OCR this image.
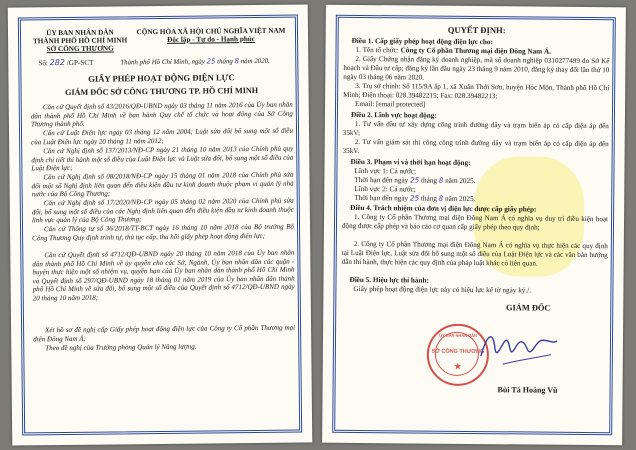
ỦY BAN NHÂN DÂN
THÀNH PHỐ HỒ CHÍ MINH
SỞ CÔNG THƯƠNG
Số: 282 /GP-SCT
CỘNG HÒA XÃ HỘI CHỦ NGHĨA VIỆT NAM
Độc lập - Tự do - Hạnh phúc
Thành phố Hồ Chí Minh, ngày 25 tháng 8 năm 2020.
GIẤY PHÉP HOẠT ĐỘNG ĐIỆN LỰC
GIÁM ĐỐC SỞ CÔNG THƯƠNG TP. HỒ CHÍ MINH
Căn cứ Quyết định số 43/2016/QĐ-UBND ngày 03 tháng 11 năm 2016 của Ủy ban nhân dân thành phố Hồ Chí Minh về ban hành Quy chế tổ chức và hoạt động của Sở Công Thương thành phố.
Căn cứ Luật Điện lực ngày 03 tháng 12 năm 2004; Luật sửa đổi bổ sung một số điều của Luật Điện lực ngày 20 tháng 11 năm 2012;
Căn cứ Nghị định số 137/2013/NĐ-CP ngày 21 tháng 10 năm 2013 của Chính phủ quy định chi tiết thi hành một số điều của Luật Điện lực và Luật sửa đổi, bổ sung một số điều của Luật Điện lực;
Căn cứ Nghị định số 08/2018/NĐ-CP ngày 15 tháng 01 năm 2018 của Chính phủ sửa đổi một số Nghị định liên quan đến điều kiện đầu tư kinh doanh thuộc phạm vi quản lý nhà nước của Bộ Công Thương;
Căn cứ Nghị định số 17/2020/NĐ-CP ngày 05 tháng 02 năm 2020 của Chính phủ sửa đổi, bổ sung một số điều của các Nghị định liên quan đến điều kiện đầu tư kinh doanh thuộc lĩnh vực quản lý của Bộ Công Thương;
Căn cứ Thông tư số 36/2018/TT-BCT ngày 16 tháng 10 năm 2018 của Bộ trưởng Bộ Công Thương Quy định trình tự, thủ tục cấp, thu hồi giấy phép hoạt động điện lực;
Căn cứ Quyết định số 4712/QĐ-UBND ngày 20 tháng 10 năm 2018 của Ủy ban nhân dân thành phố Hồ Chí Minh về ủy quyền cho các Sở, Ngành, Ủy ban nhân dân các quận - huyện thực hiện một số nhiệm vụ, quyền hạn của Ủy ban nhân dân thành phố Hồ Chí Minh và Quyết định số 297/QĐ-UBND ngày 18 tháng 01 năm 2019 của Ủy ban nhân dân thành phố Hồ Chí Minh về sửa đổi, bổ sung một số điều của Quyết định số 4712/QĐ-UBND ngày 20 tháng 10 năm 2018;
Xét hồ sơ đề nghị cấp Giấy phép hoạt động điện lực của Công ty Cổ phần Thương mại điện Đông Nam Á;
Theo đề nghị của Trưởng phòng Quản lý Năng lượng.
QUYẾT ĐỊNH:
Điều 1. Cấp giấy phép hoạt động điện lực cho:
1. Tên tổ chức: Công ty Cổ phần Thương mại điện Đông Nam Á.
2. Giấy Chứng nhận đăng ký doanh nghiệp, mã số doanh nghiệp 0310277499 do Sở Kế hoạch và Đầu tư cấp; đăng ký lần đầu ngày 23 tháng 9 năm 2010, đăng ký thay đổi lần thứ 10 ngày 03 tháng 06 năm 2020.
3. Trụ sở chính: Số 115/9A ấp 1, xã Xuân Thới Sơn, huyện Hóc Môn, Thành phố Hồ Chí Minh; Điện thoại: 028.39482215; Fax: 028.39482213;
Email: [email protected]
Điều 2. Lĩnh vực hoạt động:
1. Tư vấn đầu tư xây dựng công trình đường dây và trạm biến áp có cấp điện áp đến 35kV;
2. Tư vấn giám sát thi công công trình đường dây và trạm biến áp có cấp điện áp đến 35kV.
Điều 3. Phạm vi và thời hạn hoạt động:
Lĩnh vực 1: Cả nước;
Thời hạn đến ngày 25 tháng 8 năm 2025.
Lĩnh vực 2: Cả nước;
Thời hạn đến ngày 25 tháng 8 năm 2025.
Điều 4. Trách nhiệm của đơn vị điện lực được cấp giấy phép:
1. Công ty Cổ phần Thương mại điện Đông Nam Á có nghĩa vụ duy trì điều kiện hoạt động được cấp phép và báo cáo cơ quan cấp giấy phép theo quy định;
2. Công ty Cổ phần Thương mại điện Đông Nam Á có nghĩa vụ thực hiện các quy định tại Luật Điện lực, Luật sửa đổi bổ sung một số điều của Luật Điện lực và các văn bản hướng dẫn thi hành, thực hiện các quy định của pháp luật khác có liên quan.
Điều 5. Hiệu lực thi hành:
Giấy phép hoạt động điện lực này có hiệu lực kể từ ngày ký./.
GIÁM ĐỐC
ỦY BAN NHÂN DÂN
SỞ CÔNG THƯƠNG
★
Bùi Tá Hoàng Vũ
